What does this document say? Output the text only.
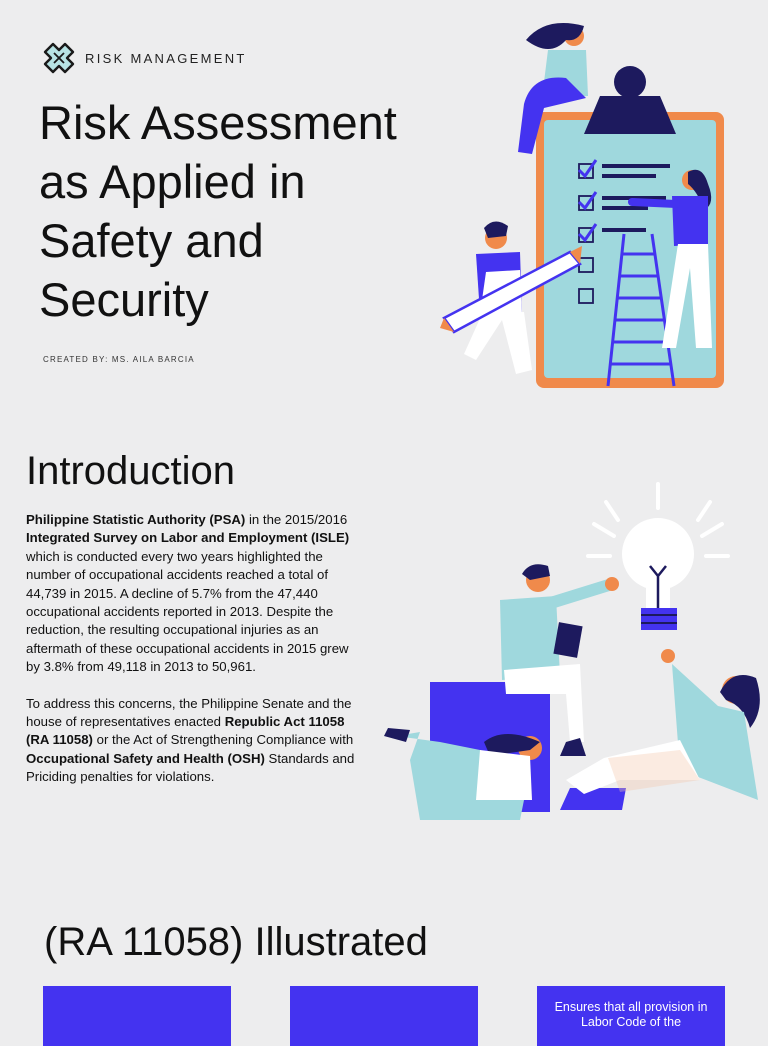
RISK MANAGEMENT
Risk Assessment
as Applied in
Safety and
Security
CREATED BY: MS. AILA BARCIA
Introduction

Philippine Statistic Authority (PSA) in the 2015/2016 Integrated Survey on Labor and Employment (ISLE) which is conducted every two years highlighted the number of occupational accidents reached a total of 44,739 in 2015. A decline of 5.7% from the 47,440 occupational accidents reported in 2013. Despite the reduction, the resulting occupational injuries as an aftermath of these occupational accidents in 2015 grew by 3.8% from 49,118 in 2013 to 50,961.

To address this concerns, the Philippine Senate and the house of representatives enacted Republic Act 11058 (RA 11058) or the Act of Strengthening Compliance with Occupational Safety and Health (OSH) Standards and Priciding penalties for violations.

(RA 11058) Illustrated
Ensures that all provision in Labor Code of the
